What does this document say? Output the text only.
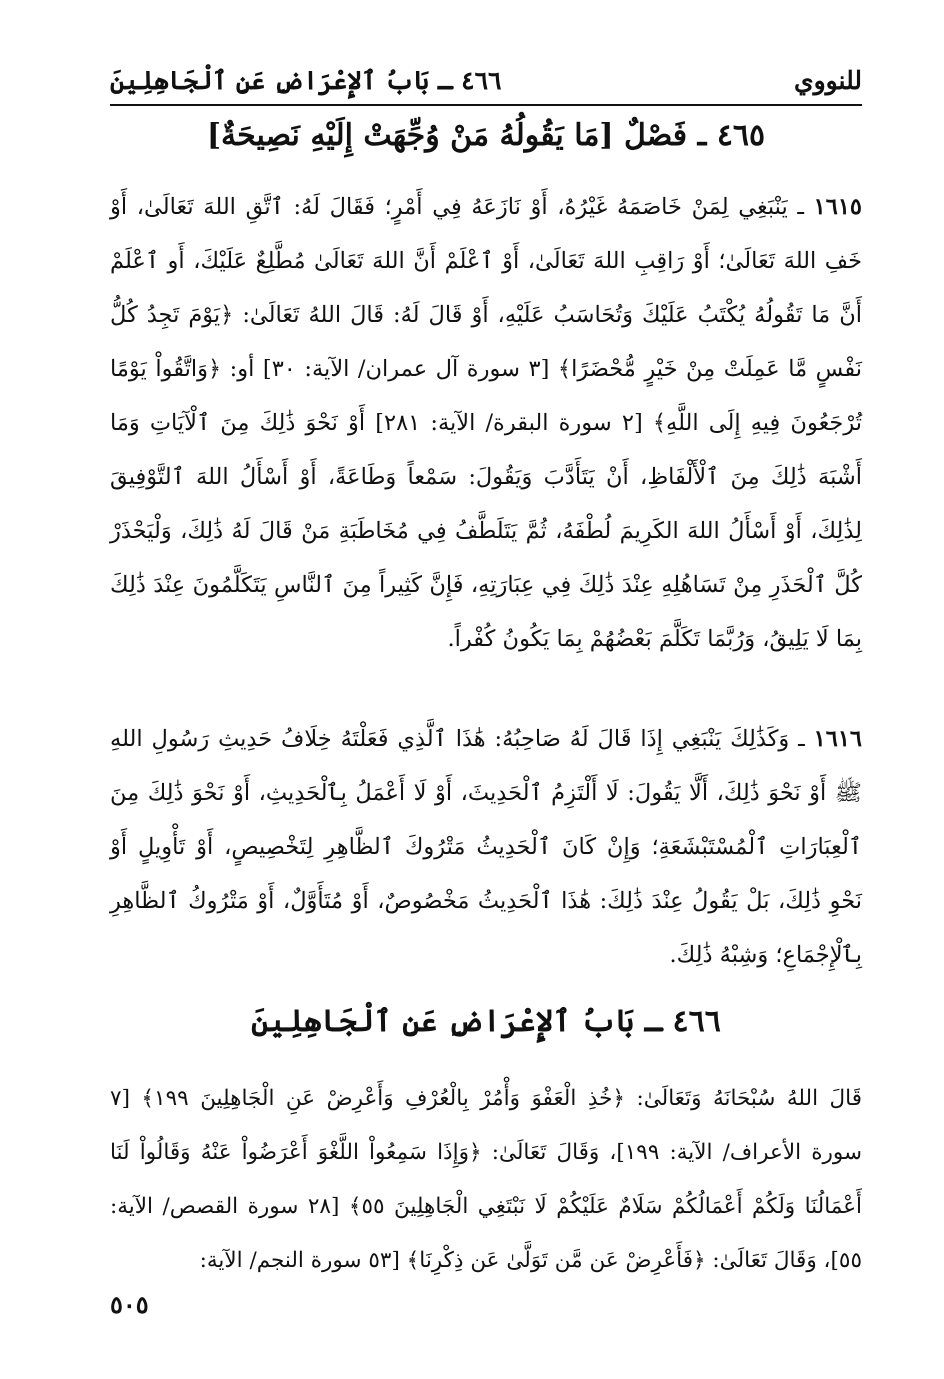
للنووي
٤٦٦ ـ بَابُ ٱلإِعْرَاضِ عَنِ ٱلْجَاهِلِينَ
٤٦٥ ـ فَصْلٌ [مَا يَقُولُهُ مَنْ وُجِّهَتْ إِلَيْهِ نَصِيحَةٌ]
١٦١٥ ـ يَنْبَغِي لِمَنْ خَاصَمَهُ غَيْرُهُ، أَوْ نَازَعَهُ فِي أَمْرٍ؛ فَقَالَ لَهُ: ٱتَّقِ اللهَ تَعَالَىٰ، أَوْ خَفِ اللهَ تَعَالَىٰ؛ أَوْ رَاقِبِ اللهَ تَعَالَىٰ، أَوْ ٱعْلَمْ أَنَّ اللهَ تَعَالَىٰ مُطَّلِعٌ عَلَيْكَ، أَو ٱعْلَمْ أَنَّ مَا تَقُولُهُ يُكْتَبُ عَلَيْكَ وَتُحَاسَبُ عَلَيْهِ، أَوْ قَالَ لَهُ: قَالَ اللهُ تَعَالَىٰ: ﴿يَوْمَ تَجِدُ كُلُّ نَفْسٍ مَّا عَمِلَتْ مِنْ خَيْرٍ مُّحْضَرًا﴾ [٣ سورة آل عمران/ الآية: ٣٠] أو: ﴿وَاتَّقُواْ يَوْمًا تُرْجَعُونَ فِيهِ إِلَى اللَّهِ﴾ [٢ سورة البقرة/ الآية: ٢٨١] أَوْ نَحْوَ ذَٰلِكَ مِنَ ٱلْآيَاتِ وَمَا أَشْبَهَ ذَٰلِكَ مِنَ ٱلْأَلْفَاظِ، أَنْ يَتَأَدَّبَ وَيَقُولَ: سَمْعاً وَطَاعَةً، أَوْ أَسْأَلُ اللهَ ٱلتَّوْفِيقَ لِذَٰلِكَ، أَوْ أَسْأَلُ اللهَ الكَرِيمَ لُطْفَهُ، ثُمَّ يَتَلَطَّفُ فِي مُخَاطَبَةِ مَنْ قَالَ لَهُ ذَٰلِكَ، وَلْيَحْذَرْ كُلَّ ٱلْحَذَرِ مِنْ تَسَاهُلِهِ عِنْدَ ذَٰلِكَ فِي عِبَارَتِهِ، فَإِنَّ كَثِيراً مِنَ ٱلنَّاسِ يَتَكَلَّمُونَ عِنْدَ ذَٰلِكَ بِمَا لَا يَلِيقُ، وَرُبَّمَا تَكَلَّمَ بَعْضُهُمْ بِمَا يَكُونُ كُفْراً.
١٦١٦ ـ وَكَذَٰلِكَ يَنْبَغِي إِذَا قَالَ لَهُ صَاحِبُهُ: هَٰذَا ٱلَّذِي فَعَلْتَهُ خِلَافُ حَدِيثِ رَسُولِ اللهِ ﷺ أَوْ نَحْوَ ذَٰلِكَ، أَلَّا يَقُولَ: لَا أَلْتَزِمُ ٱلْحَدِيثَ، أَوْ لَا أَعْمَلُ بِٱلْحَدِيثِ، أَوْ نَحْوَ ذَٰلِكَ مِنَ ٱلْعِبَارَاتِ ٱلْمُسْتَبْشَعَةِ؛ وَإِنْ كَانَ ٱلْحَدِيثُ مَتْرُوكَ ٱلظَّاهِرِ لِتَخْصِيصٍ، أَوْ تَأْوِيلٍ أَوْ نَحْوِ ذَٰلِكَ، بَلْ يَقُولُ عِنْدَ ذَٰلِكَ: هَٰذَا ٱلْحَدِيثُ مَخْصُوصٌ، أَوْ مُتَأَوَّلٌ، أَوْ مَتْرُوكُ ٱلظَّاهِرِ بِٱلْإِجْمَاعِ؛ وَشِبْهُ ذَٰلِكَ.
٤٦٦ ـ بَابُ ٱلإِعْرَاضِ عَنِ ٱلْجَاهِلِينَ
قَالَ اللهُ سُبْحَانَهُ وَتَعَالَىٰ: ﴿خُذِ الْعَفْوَ وَأْمُرْ بِالْعُرْفِ وَأَعْرِضْ عَنِ الْجَاهِلِينَ ١٩٩﴾ [٧ سورة الأعراف/ الآية: ١٩٩]، وَقَالَ تَعَالَىٰ: ﴿وَإِذَا سَمِعُواْ اللَّغْوَ أَعْرَضُواْ عَنْهُ وَقَالُواْ لَنَا أَعْمَالُنَا وَلَكُمْ أَعْمَالُكُمْ سَلَامٌ عَلَيْكُمْ لَا نَبْتَغِي الْجَاهِلِينَ ٥٥﴾ [٢٨ سورة القصص/ الآية: ٥٥]، وَقَالَ تَعَالَىٰ: ﴿فَأَعْرِضْ عَن مَّن تَوَلَّىٰ عَن ذِكْرِنَا﴾ [٥٣ سورة النجم/ الآية:
٥٠٥
